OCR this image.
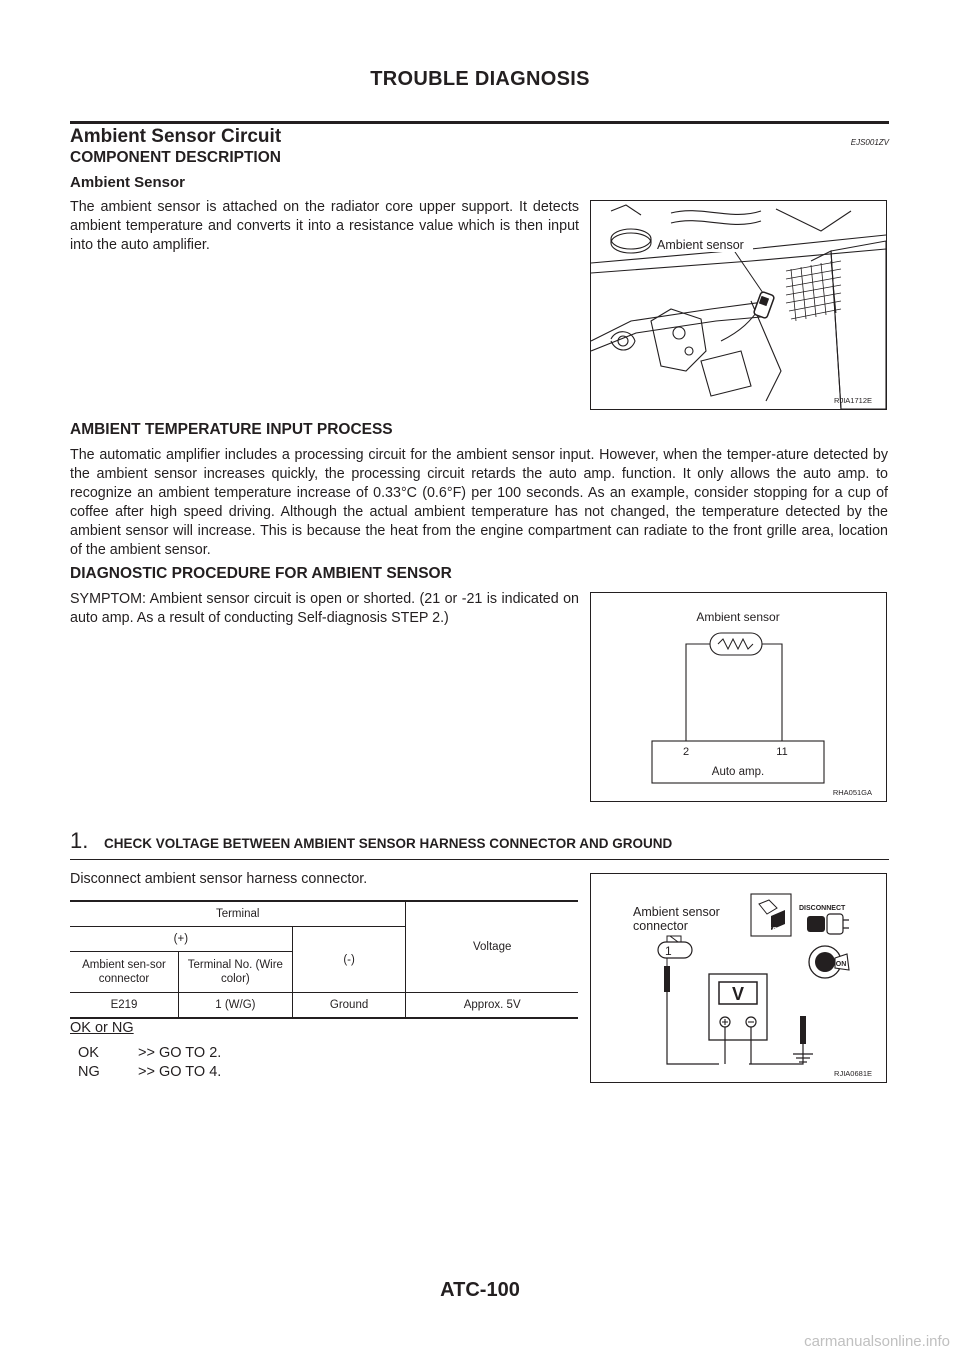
TROUBLE DIAGNOSIS
Ambient Sensor Circuit	EJS001ZV
COMPONENT DESCRIPTION
Ambient Sensor
The ambient sensor is attached on the radiator core upper support. It detects ambient temperature and converts it into a resistance value which is then input into the auto amplifier.	Ambient sensor
RJIA1712E
AMBIENT TEMPERATURE INPUT PROCESS
The automatic amplifier includes a processing circuit for the ambient sensor input. However, when the temper-ature detected by the ambient sensor increases quickly, the processing circuit retards the auto amp. function. It only allows the auto amp. to recognize an ambient temperature increase of 0.33°C (0.6°F) per 100 seconds. As an example, consider stopping for a cup of coffee after high speed driving. Although the actual ambient temperature has not changed, the temperature detected by the ambient sensor will increase. This is because the heat from the engine compartment can radiate to the front grille area, location of the ambient sensor.
DIAGNOSTIC PROCEDURE FOR AMBIENT SENSOR
SYMPTOM: Ambient sensor circuit is open or shorted. (21 or -21 is indicated on auto amp. As a result of conducting Self-diagnosis STEP 2.)	Ambient sensor
2	11
Auto amp.
RHA051GA
1. CHECK VOLTAGE BETWEEN AMBIENT SENSOR HARNESS CONNECTOR AND GROUND
Disconnect ambient sensor harness connector.
Terminal			Voltage
(+)		(-)	
Ambient sen-sor connector	Terminal No. (Wire color)		
E219	1 (W/G)	Ground	Approx. 5V
OK or NG
OK	>> GO TO 2.
NG	>> GO TO 4.
Ambient sensor
connector
1
V
T.S.
DISCONNECT
ON
RJIA0681E
ATC-100
carmanualsonline.info
